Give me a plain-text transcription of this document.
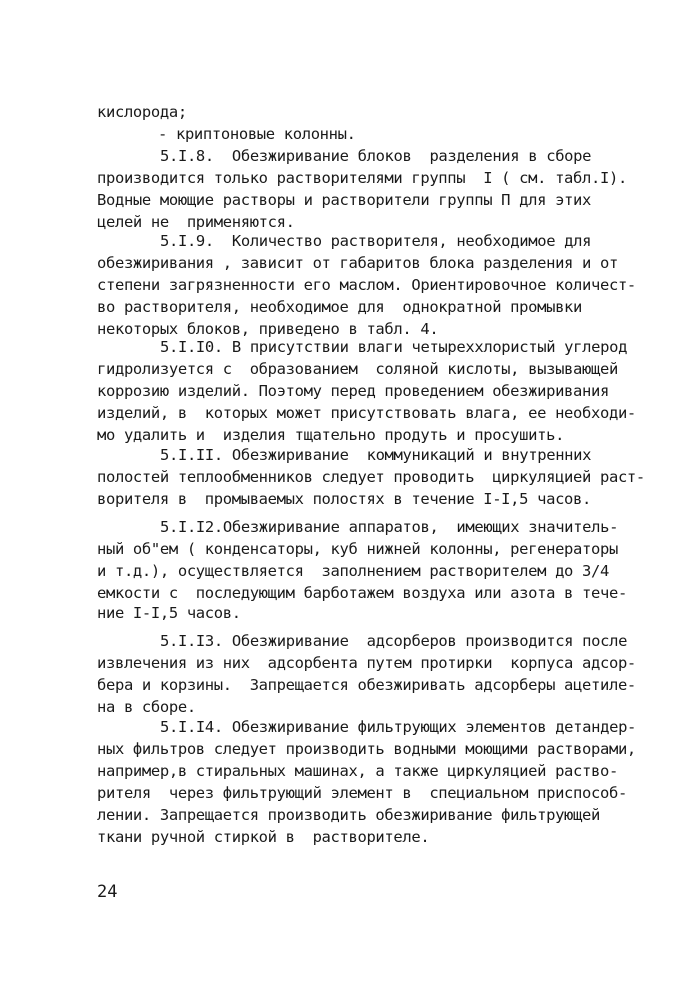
кислорода;
- криптоновые колонны.
5.I.8.  Обезжиривание блоков  разделения в сборе
производится только растворителями группы  I ( см. табл.I).
Водные моющие растворы и растворители группы П для этих
целей не  применяются.
5.I.9.  Количество растворителя, необходимое для
обезжиривания , зависит от габаритов блока разделения и от
степени загрязненности его маслом. Ориентировочное количест-
во растворителя, необходимое для  однократной промывки
некоторых блоков, приведено в табл. 4.
5.I.I0. В присутствии влаги четыреххлористый углерод
гидролизуется с  образованием  соляной кислоты, вызывающей
коррозию изделий. Поэтому перед проведением обезжиривания
изделий, в  которых может присутствовать влага, ее необходи-
мо удалить и  изделия тщательно продуть и просушить.
5.I.II. Обезжиривание  коммуникаций и внутренних
полостей теплообменников следует проводить  циркуляцией раст-
ворителя в  промываемых полостях в течение I-I,5 часов.
5.I.I2.Обезжиривание аппаратов,  имеющих значитель-
ный об"ем ( конденсаторы, куб нижней колонны, регенераторы
и т.д.), осуществляется  заполнением растворителем до 3/4
емкости с  последующим барботажем воздуха или азота в тече-
ние I-I,5 часов.
5.I.I3. Обезжиривание  адсорберов производится после
извлечения из них  адсорбента путем протирки  корпуса адсор-
бера и корзины.  Запрещается обезжиривать адсорберы ацетиле-
на в сборе.
5.I.I4. Обезжиривание фильтрующих элементов детандер-
ных фильтров следует производить водными моющими растворами,
например,в стиральных машинах, а также циркуляцией раство-
рителя  через фильтрующий элемент в  специальном приспособ-
лении. Запрещается производить обезжиривание фильтрующей
ткани ручной стиркой в  растворителе.
24
